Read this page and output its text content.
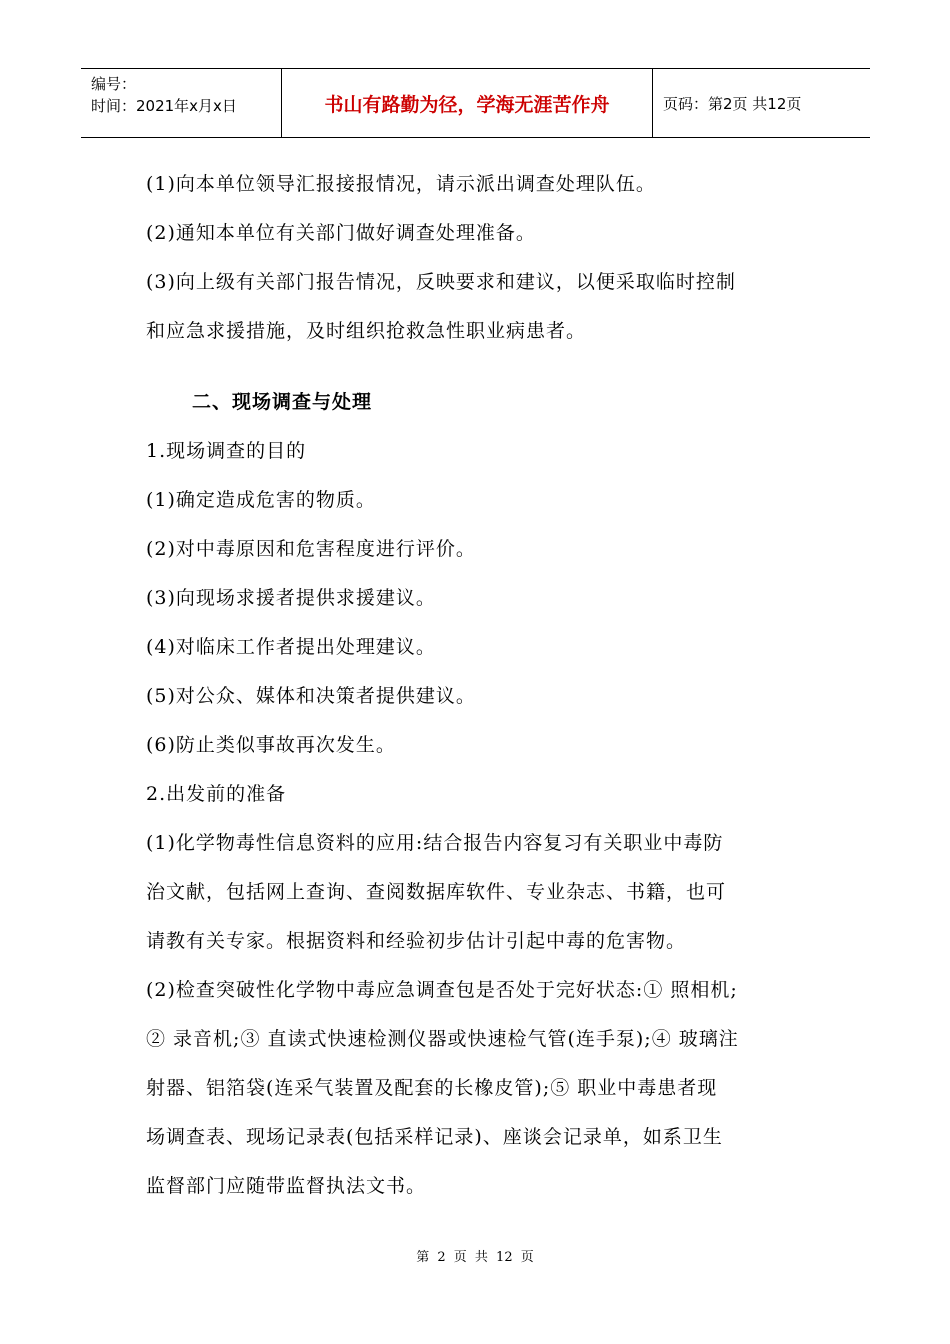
编号：
时间：2021年x月x日	书山有路勤为径，学海无涯苦作舟	页码：第2页 共12页
(1)向本单位领导汇报接报情况，请示派出调查处理队伍。
(2)通知本单位有关部门做好调查处理准备。
(3)向上级有关部门报告情况，反映要求和建议，以便采取临时控制
和应急求援措施，及时组织抢救急性职业病患者。
二、现场调查与处理
1.现场调查的目的
(1)确定造成危害的物质。
(2)对中毒原因和危害程度进行评价。
(3)向现场求援者提供求援建议。
(4)对临床工作者提出处理建议。
(5)对公众、媒体和决策者提供建议。
(6)防止类似事故再次发生。
2.出发前的准备
(1)化学物毒性信息资料的应用:结合报告内容复习有关职业中毒防
治文献，包括网上查询、查阅数据库软件、专业杂志、书籍，也可
请教有关专家。根据资料和经验初步估计引起中毒的危害物。
(2)检查突破性化学物中毒应急调查包是否处于完好状态:① 照相机;
② 录音机;③ 直读式快速检测仪器或快速检气管(连手泵);④ 玻璃注
射器、铝箔袋(连采气装置及配套的长橡皮管);⑤ 职业中毒患者现
场调查表、现场记录表(包括采样记录)、座谈会记录单，如系卫生
监督部门应随带监督执法文书。
第 2 页 共 12 页
